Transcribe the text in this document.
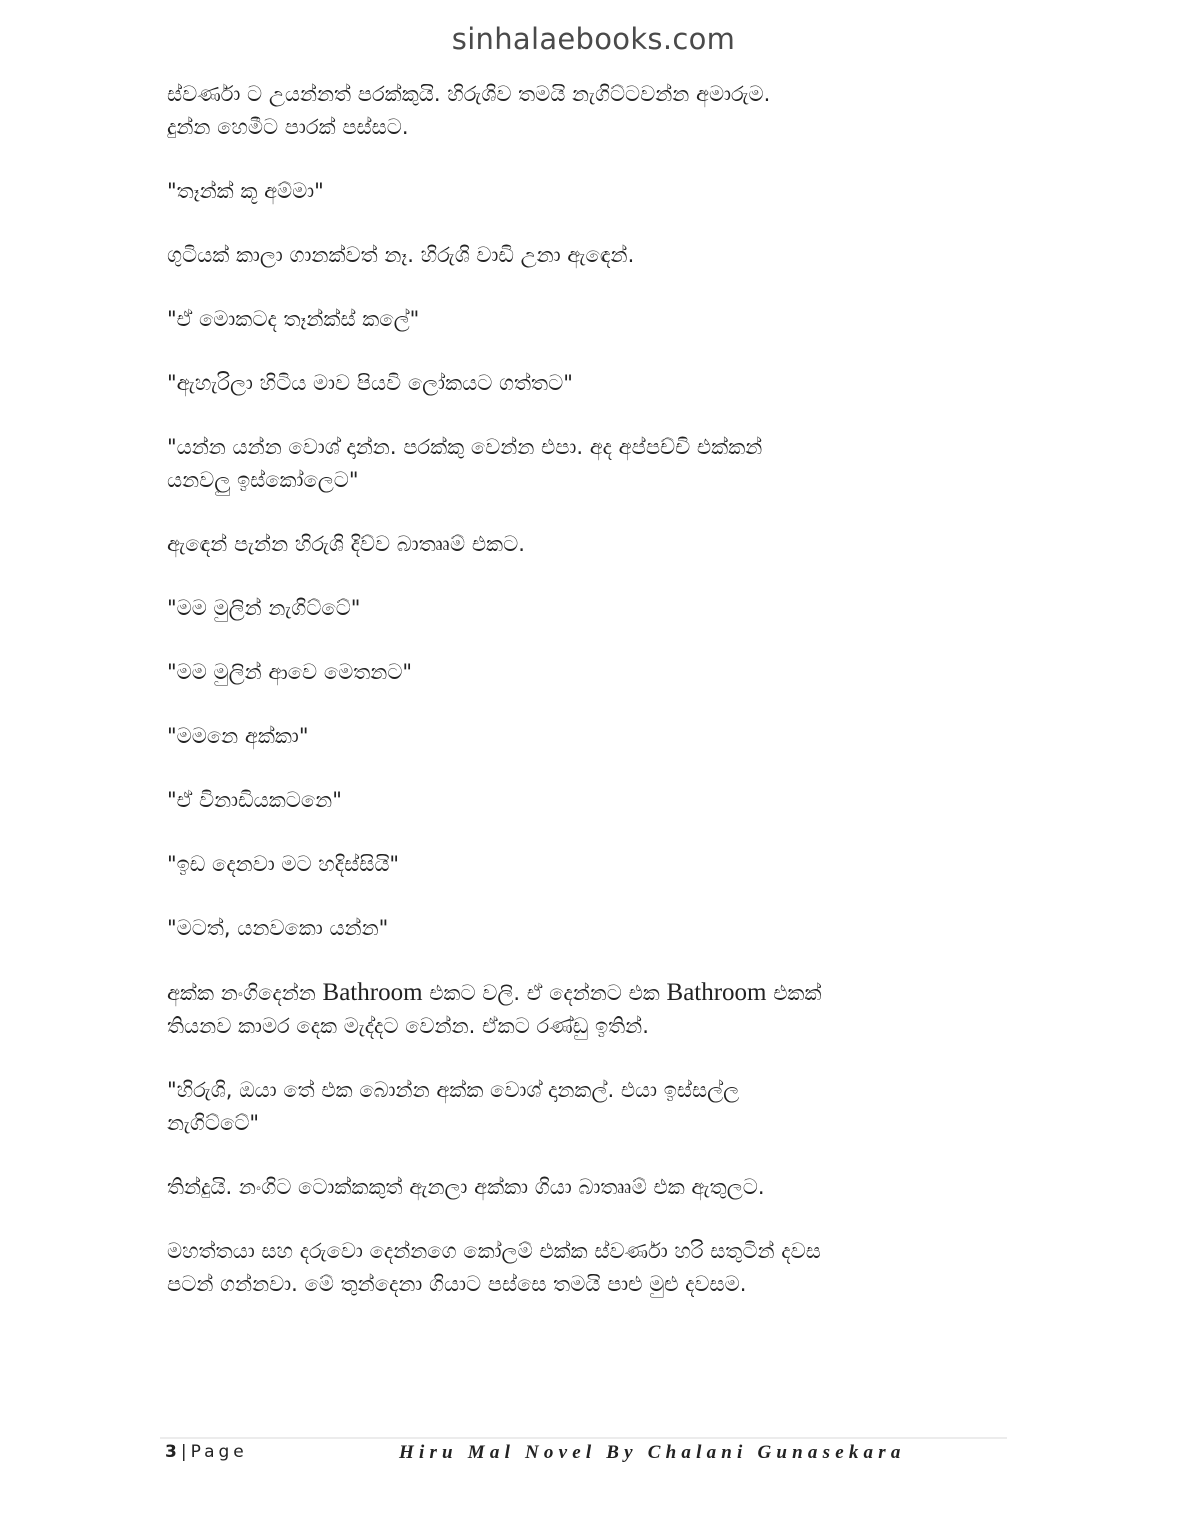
sinhalaebooks.com

ස්වර්ණා ට උයන්නත් පරක්කුයි. හිරුශිව තමයි නැගිට්ටවන්න අමාරුම.
දුන්න හෙමීට පාරක් පස්සට.

"තෑන්ක් කූ අම්මා"

ගුටියක් කාලා ගානක්වත් නෑ. හිරුශි වාඩි උනා ඇඳෙන්.

"ඒ මොකටද තෑන්ක්ස් කලේ"

"ඇහැරිලා හිටිය මාව පියවි ලෝකයට ගත්තට"

"යන්න යන්න වොශ් දාන්න. පරක්කු වෙන්න එපා. අද අප්පච්චි එක්කන්
යනවලු ඉස්කෝලෙට"

ඇඳෙන් පැන්න හිරුශි දිව්ව බාතෲම් එකට.

"මම මුලින් නැගිට්ටේ"

"මම මුලින් ආවෙ මෙතනට"

"මමනෙ අක්කා"

"ඒ විනාඩියකටනෙ"

"ඉඩ දෙනවා මට හදිස්සියි"

"මටත්, යනවකො යන්න"

අක්ක නංගිදෙන්න Bathroom එකට වලි. ඒ දෙන්නට එක Bathroom එකක්
තියනව කාමර දෙක මැද්දට වෙන්න. ඒකට රණ්ඩු ඉතින්.

"හිරුශි, ඔයා තේ එක බොන්න අක්ක වොශ් දානකල්. එයා ඉස්සල්ල
නැගිට්ටේ"

තින්දුයි. නංගිට ටොක්කකුත් ඇනලා අක්කා ගියා බාතෲම් එක ඇතුලට.

මහත්තයා සහ දරුවො දෙන්නගෙ කෝලම් එක්ක ස්වර්ණා හරි සතුටින් දවස
පටන් ගන්නවා. මේ තුන්දෙනා ගියාට පස්සෙ තමයි පාළු මුළු දවසම.

3 | Page	Hiru Mal Novel By Chalani Gunasekara
